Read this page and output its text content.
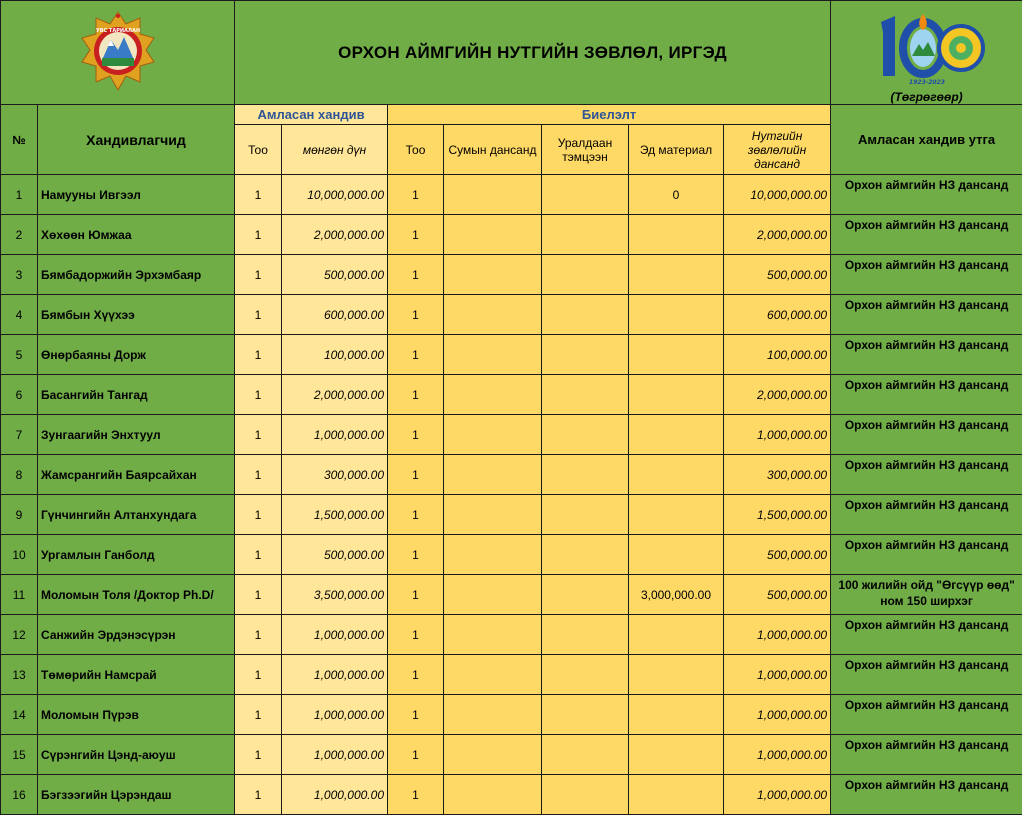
УВС ТАРИАЛАН		ОРХОН АЙМГИЙН НУТГИЙН ЗӨВЛӨЛ, ИРГЭД							1923-2023
(Төгрөгөөр)

№	Хандивлагчид	Амласан хандив		Биелэлт					Амласан хандив утга
		Тоо	мөнгөн дүн	Тоо	Сумын дансанд	Уралдаан тэмцээн	Эд материал	Нутгийн зөвлөлийн дансанд	
1	Намууны Ивгээл	1	10,000,000.00	1			0	10,000,000.00	Орхон аймгийн НЗ дансанд
2	Хөхөөн Юмжаа	1	2,000,000.00	1				2,000,000.00	Орхон аймгийн НЗ дансанд
3	Бямбадоржийн Эрхэмбаяр	1	500,000.00	1				500,000.00	Орхон аймгийн НЗ дансанд
4	Бямбын Хүүхээ	1	600,000.00	1				600,000.00	Орхон аймгийн НЗ дансанд
5	Өнөрбаяны Дорж	1	100,000.00	1				100,000.00	Орхон аймгийн НЗ дансанд
6	Басангийн Тангад	1	2,000,000.00	1				2,000,000.00	Орхон аймгийн НЗ дансанд
7	Зунгаагийн Энхтуул	1	1,000,000.00	1				1,000,000.00	Орхон аймгийн НЗ дансанд
8	Жамсрангийн Баярсайхан	1	300,000.00	1				300,000.00	Орхон аймгийн НЗ дансанд
9	Гүнчингийн Алтанхундага	1	1,500,000.00	1				1,500,000.00	Орхон аймгийн НЗ дансанд
10	Ургамлын Ганболд	1	500,000.00	1				500,000.00	Орхон аймгийн НЗ дансанд
11	Моломын Толя /Доктор Ph.D/	1	3,500,000.00	1			3,000,000.00	500,000.00	100 жилийн ойд "Өгсүүр өөд" ном 150 ширхэг
12	Санжийн Эрдэнэсүрэн	1	1,000,000.00	1				1,000,000.00	Орхон аймгийн НЗ дансанд
13	Төмөрийн Намсрай	1	1,000,000.00	1				1,000,000.00	Орхон аймгийн НЗ дансанд
14	Моломын Пүрэв	1	1,000,000.00	1				1,000,000.00	Орхон аймгийн НЗ дансанд
15	Сүрэнгийн Цэнд-аюуш	1	1,000,000.00	1				1,000,000.00	Орхон аймгийн НЗ дансанд
16	Бэгзээгийн Цэрэндаш	1	1,000,000.00	1				1,000,000.00	Орхон аймгийн НЗ дансанд
